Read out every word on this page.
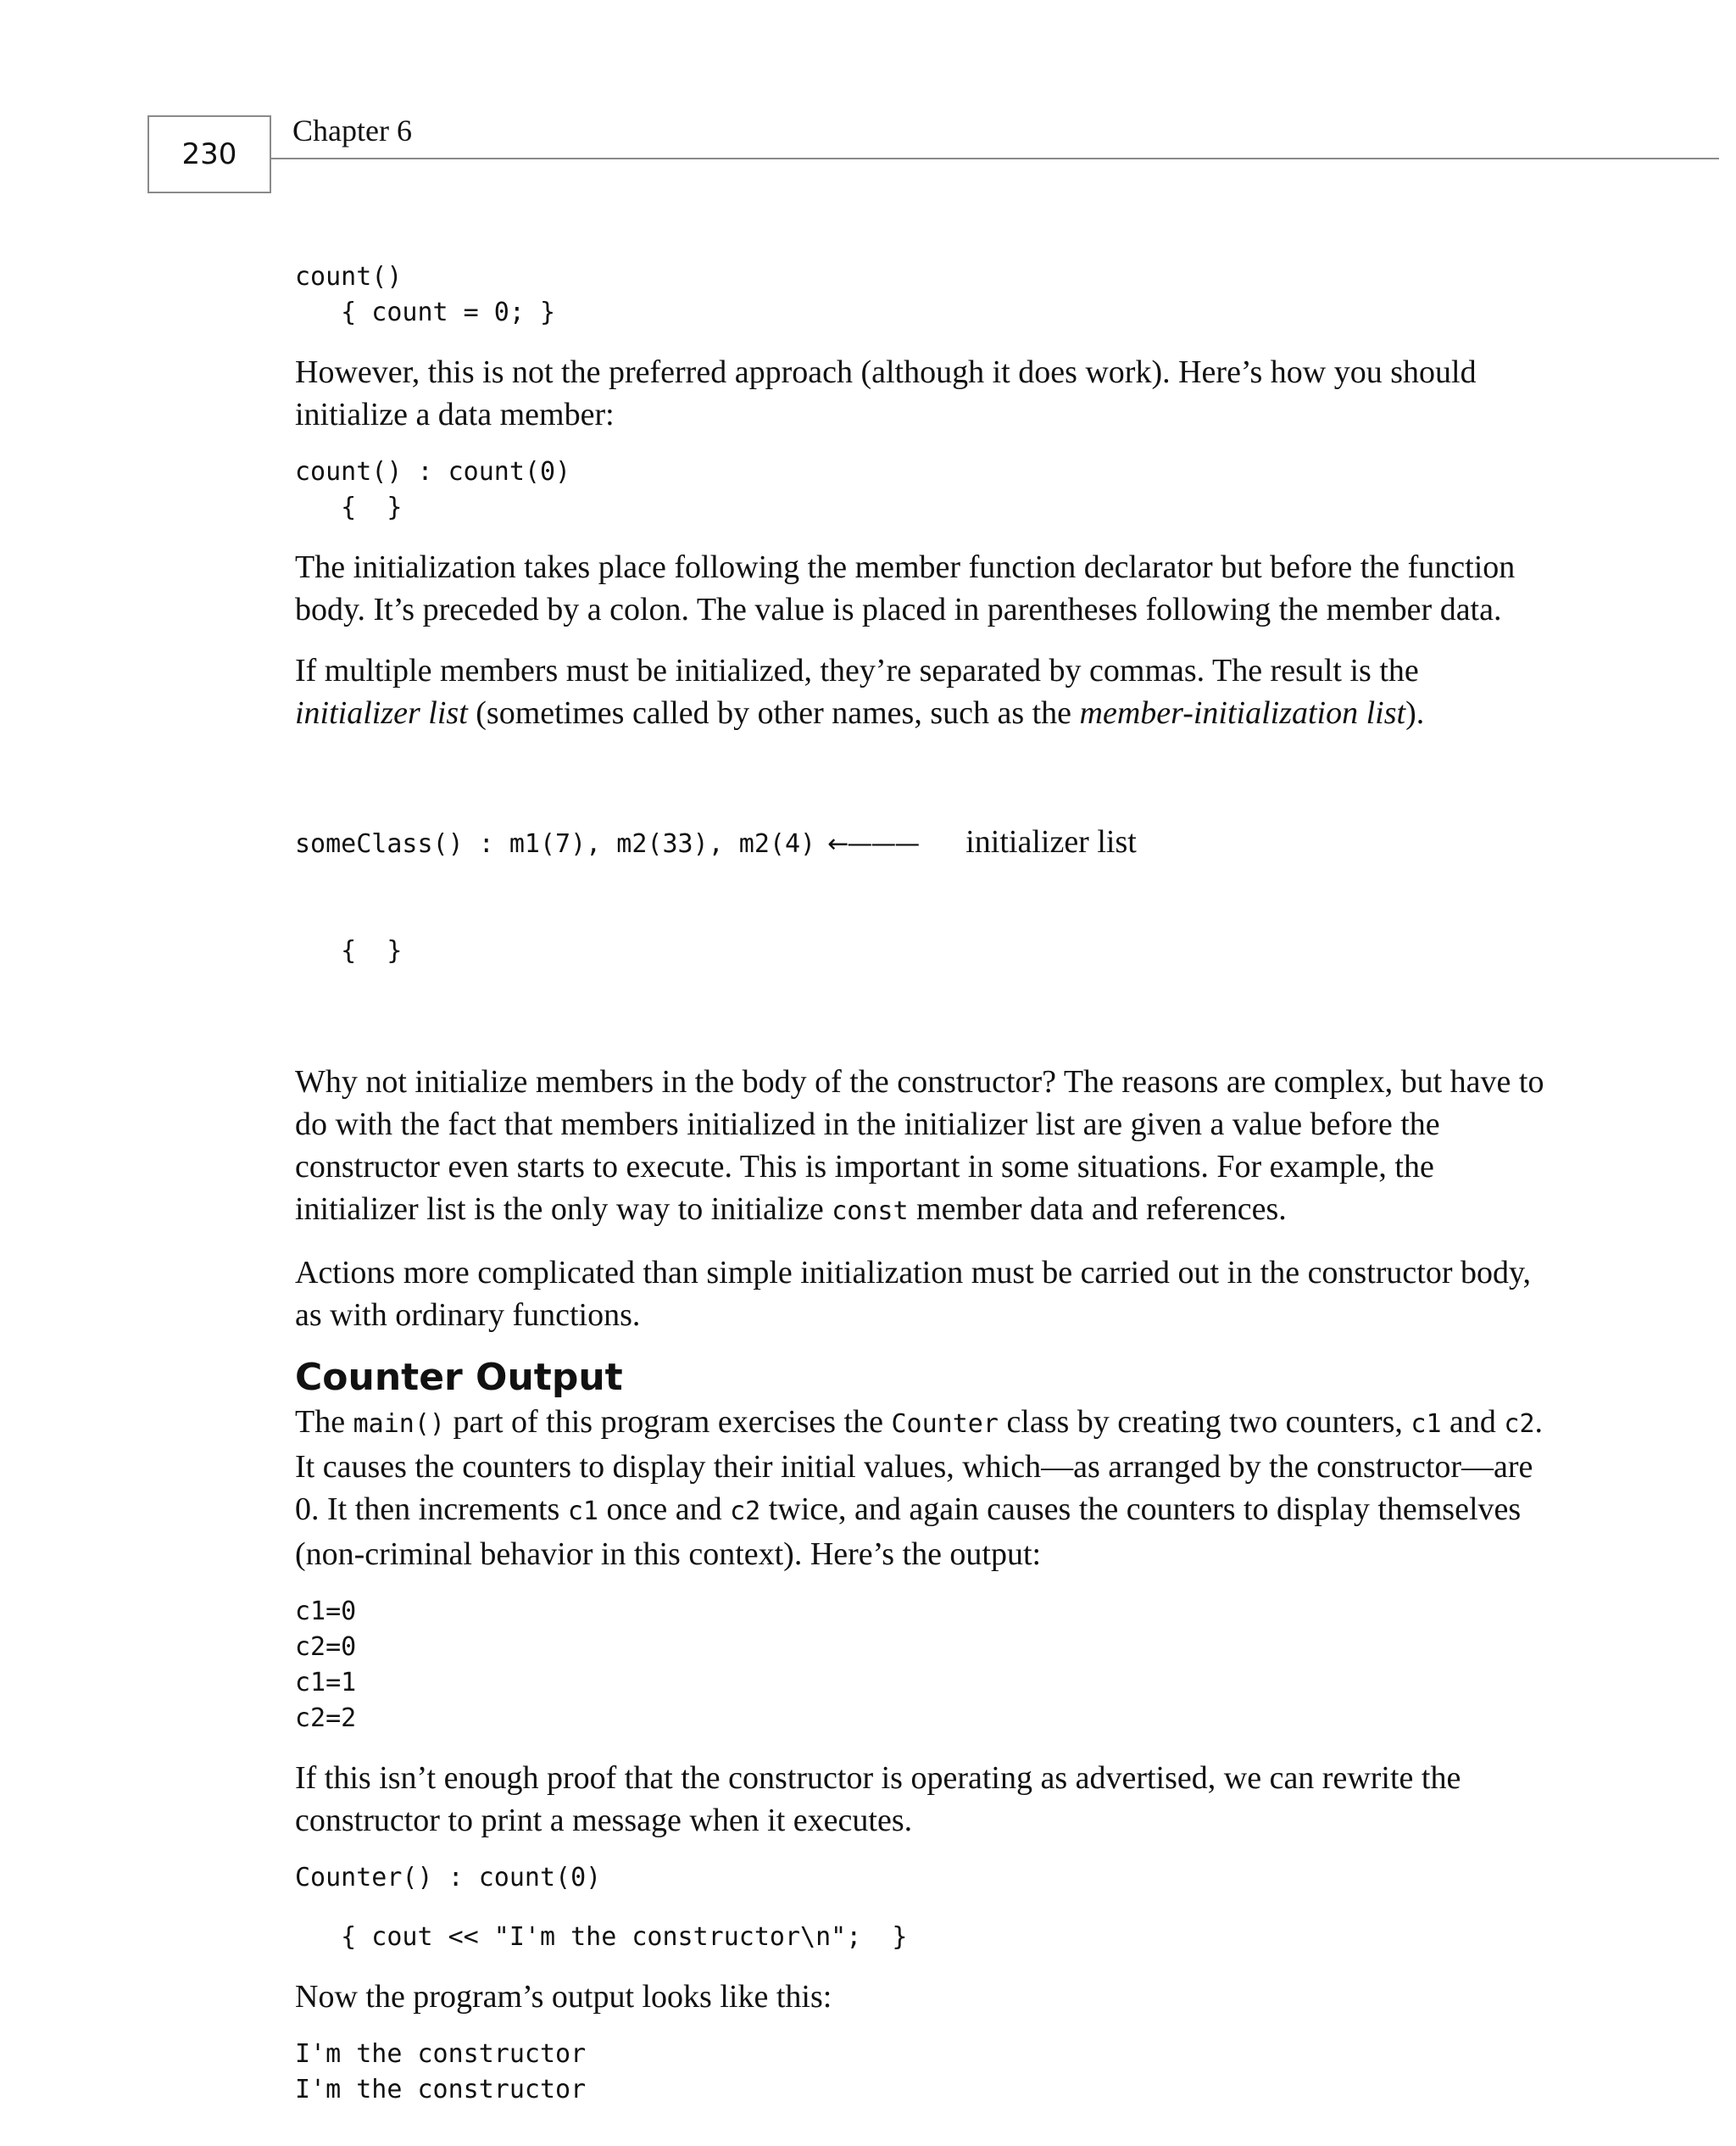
230
Chapter 6
count()
{ count = 0; }

However, this is not the preferred approach (although it does work). Here’s how you should initialize a data member:

count() : count(0)
{  }

The initialization takes place following the member function declarator but before the function body. It’s preceded by a colon. The value is placed in parentheses following the member data.

If multiple members must be initialized, they’re separated by commas. The result is the initializer list (sometimes called by other names, such as the member-initialization list).

someClass() : m1(7), m2(33), m2(4) ←——— initializer list

{  }

Why not initialize members in the body of the constructor? The reasons are complex, but have to do with the fact that members initialized in the initializer list are given a value before the constructor even starts to execute. This is important in some situations. For example, the initializer list is the only way to initialize const member data and references.

Actions more complicated than simple initialization must be carried out in the constructor body, as with ordinary functions.

Counter Output

The main() part of this program exercises the Counter class by creating two counters, c1 and c2. It causes the counters to display their initial values, which—as arranged by the constructor—are 0. It then increments c1 once and c2 twice, and again causes the counters to display themselves (non-criminal behavior in this context). Here’s the output:

c1=0
c2=0
c1=1
c2=2

If this isn’t enough proof that the constructor is operating as advertised, we can rewrite the constructor to print a message when it executes.

Counter() : count(0)
{ cout << "I'm the constructor\n";  }

Now the program’s output looks like this:

I'm the constructor
I'm the constructor
